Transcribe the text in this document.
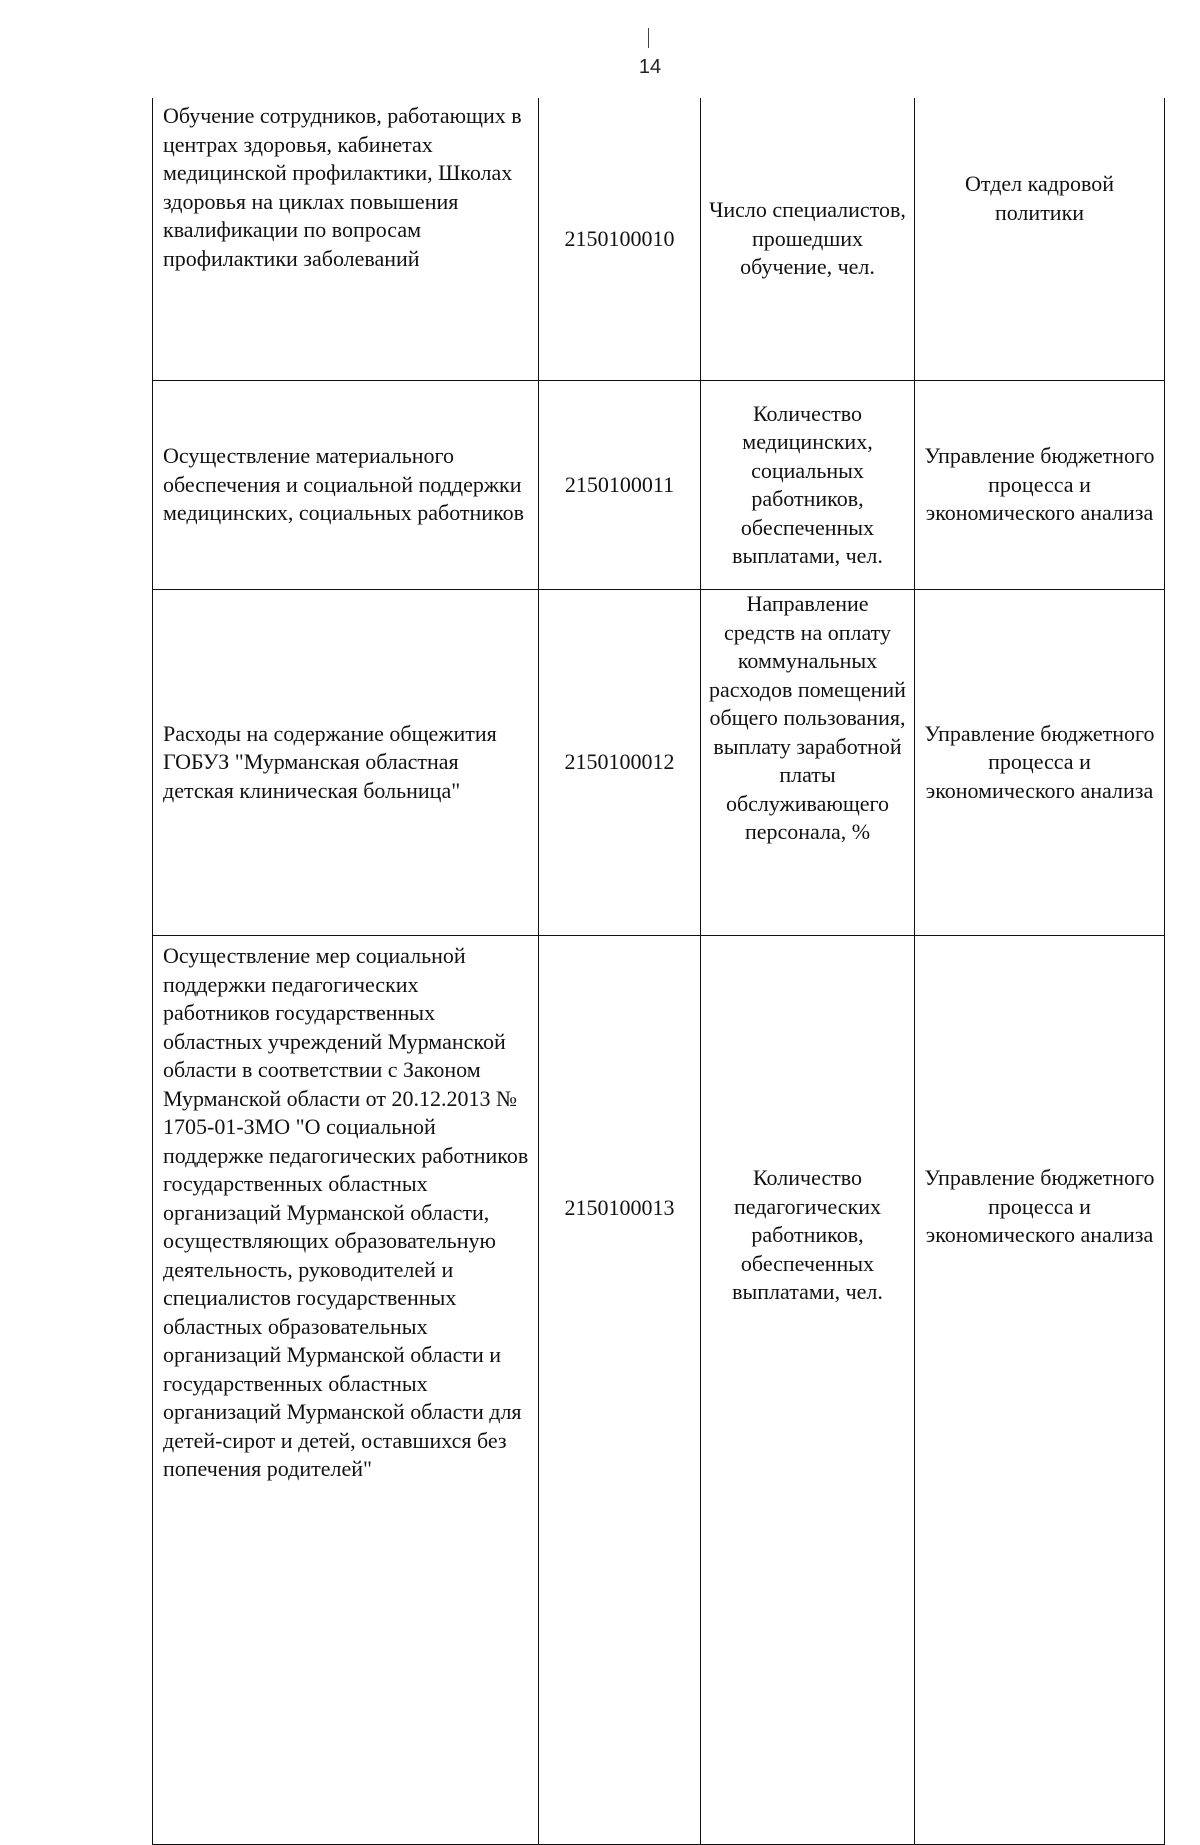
14
Обучение сотрудников, работающих в центрах здоровья, кабинетах медицинской профилактики, Школах здоровья на циклах повышения квалификации по вопросам профилактики заболеваний	2150100010	Число специалистов, прошедших обучение, чел.	Отдел кадровой политики
Осуществление материального обеспечения и социальной поддержки медицинских, социальных работников	2150100011	Количество медицинских, социальных работников, обеспеченных выплатами, чел.	Управление бюджетного процесса и экономического анализа
Расходы на содержание общежития ГОБУЗ "Мурманская областная детская клиническая больница"	2150100012	Направление средств на оплату коммунальных расходов помещений общего пользования, выплату заработной платы обслуживающего персонала, %	Управление бюджетного процесса и экономического анализа
Осуществление мер социальной поддержки педагогических работников государственных областных учреждений Мурманской области в соответствии с Законом Мурманской области от 20.12.2013 № 1705-01-ЗМО "О социальной поддержке педагогических работников государственных областных организаций Мурманской области, осуществляющих образовательную деятельность, руководителей и специалистов государственных областных образовательных организаций Мурманской области и государственных областных организаций Мурманской области для детей-сирот и детей, оставшихся без попечения родителей"	2150100013	Количество педагогических работников, обеспеченных выплатами, чел.	Управление бюджетного процесса и экономического анализа
